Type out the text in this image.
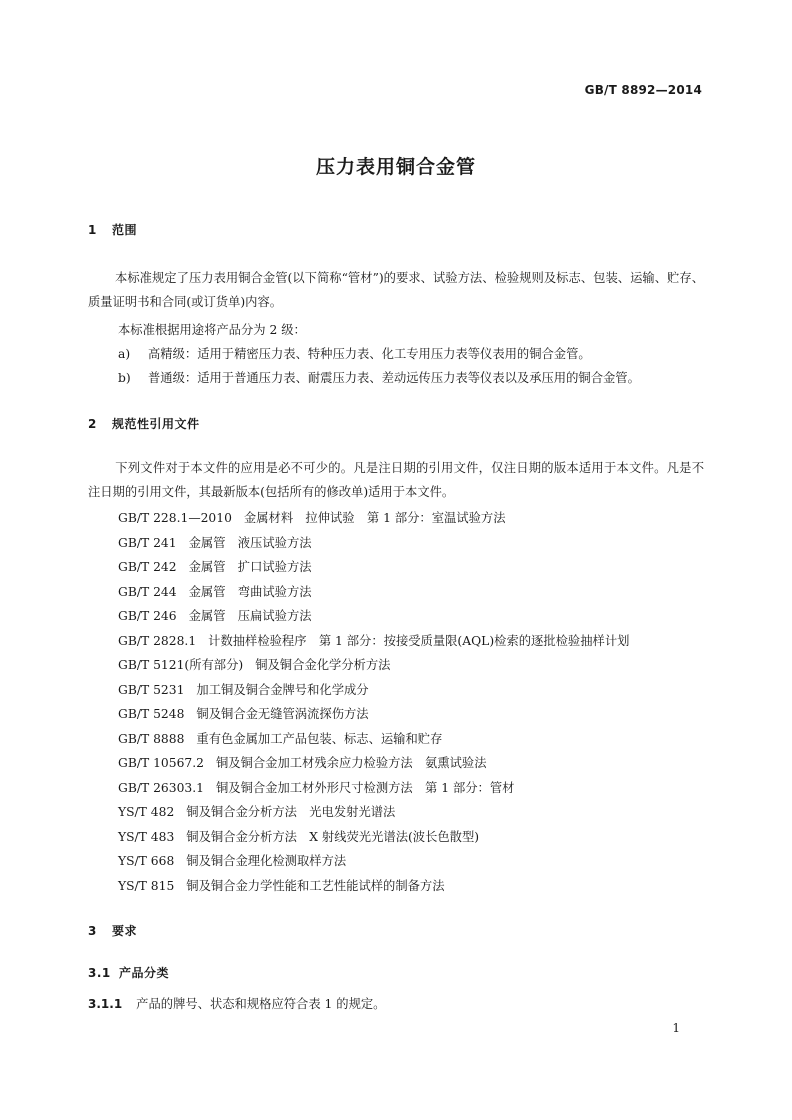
GB/T 8892—2014
压力表用铜合金管
1 范围
本标准规定了压力表用铜合金管(以下简称“管材”)的要求、试验方法、检验规则及标志、包装、运输、贮存、质量证明书和合同(或订货单)内容。
本标准根据用途将产品分为 2 级：
a) 高精级：适用于精密压力表、特种压力表、化工专用压力表等仪表用的铜合金管。
b) 普通级：适用于普通压力表、耐震压力表、差动远传压力表等仪表以及承压用的铜合金管。
2 规范性引用文件
下列文件对于本文件的应用是必不可少的。凡是注日期的引用文件，仅注日期的版本适用于本文件。凡是不注日期的引用文件，其最新版本(包括所有的修改单)适用于本文件。
GB/T 228.1—2010 金属材料　拉伸试验　第 1 部分：室温试验方法
GB/T 241 金属管　液压试验方法
GB/T 242 金属管　扩口试验方法
GB/T 244 金属管　弯曲试验方法
GB/T 246 金属管　压扁试验方法
GB/T 2828.1 计数抽样检验程序　第 1 部分：按接受质量限(AQL)检索的逐批检验抽样计划
GB/T 5121(所有部分) 铜及铜合金化学分析方法
GB/T 5231 加工铜及铜合金牌号和化学成分
GB/T 5248 铜及铜合金无缝管涡流探伤方法
GB/T 8888 重有色金属加工产品包装、标志、运输和贮存
GB/T 10567.2 铜及铜合金加工材残余应力检验方法　氨熏试验法
GB/T 26303.1 铜及铜合金加工材外形尺寸检测方法　第 1 部分：管材
YS/T 482 铜及铜合金分析方法　光电发射光谱法
YS/T 483 铜及铜合金分析方法　X 射线荧光光谱法(波长色散型)
YS/T 668 铜及铜合金理化检测取样方法
YS/T 815 铜及铜合金力学性能和工艺性能试样的制备方法
3 要求
3.1 产品分类
3.1.1 产品的牌号、状态和规格应符合表 1 的规定。
1
